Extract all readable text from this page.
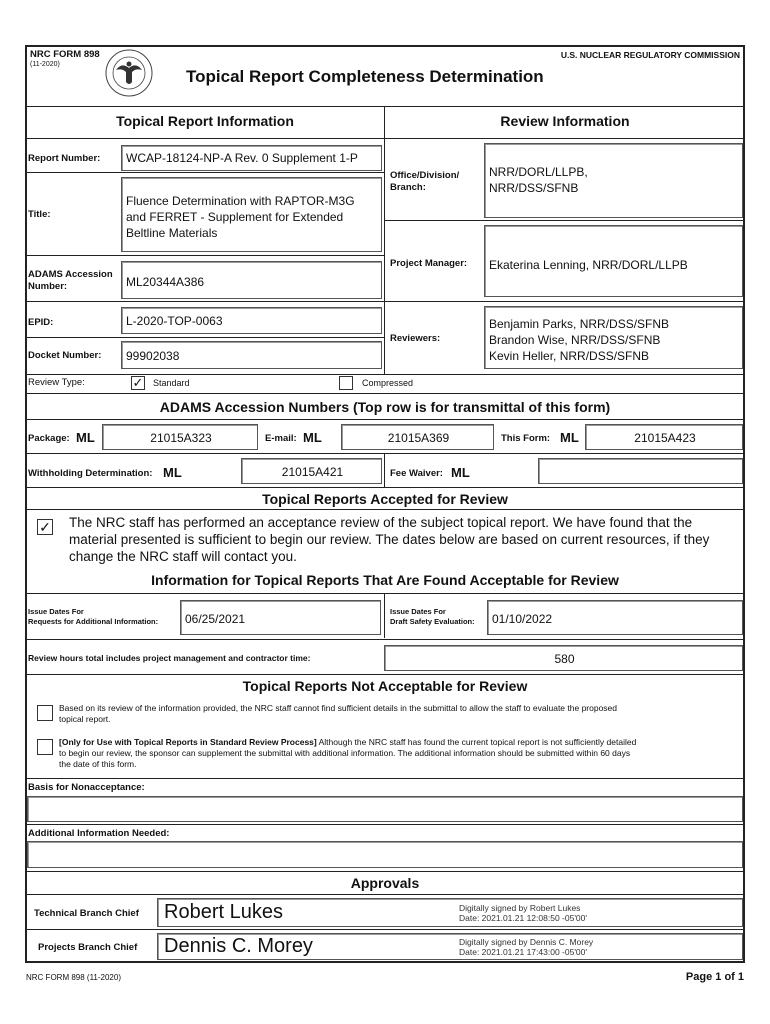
NRC FORM 898
(11-2020)
U.S. NUCLEAR REGULATORY COMMISSION
Topical Report Completeness Determination
Topical Report Information	Review Information
Report Number: WCAP-18124-NP-A Rev. 0 Supplement 1-P
Title:
Fluence Determination with RAPTOR-M3G
and FERRET - Supplement for Extended
Beltline Materials
ADAMS Accession
Number:	ML20344A386
EPID:	L-2020-TOP-0063
Docket Number: 99902038
Office/Division/
Branch:
NRR/DORL/LLPB,
NRR/DSS/SFNB
Project Manager: Ekaterina Lenning, NRR/DORL/LLPB
Reviewers:
Benjamin Parks, NRR/DSS/SFNB
Brandon Wise, NRR/DSS/SFNB
Kevin Heller, NRR/DSS/SFNB
Review Type:	✓ Standard	Compressed
ADAMS Accession Numbers (Top row is for transmittal of this form)
Package: ML	21015A323	E-mail: ML	21015A369	This Form: ML	21015A423
Withholding Determination: ML	21015A421	Fee Waiver: ML
Topical Reports Accepted for Review
✓ The NRC staff has performed an acceptance review of the subject topical report. We have found that the
material presented is sufficient to begin our review. The dates below are based on current resources, if they
change the NRC staff will contact you.
Information for Topical Reports That Are Found Acceptable for Review
Issue Dates For
Requests for Additional Information: 06/25/2021
Issue Dates For
Draft Safety Evaluation: 01/10/2022
Review hours total includes project management and contractor time:	580
Topical Reports Not Acceptable for Review
Based on its review of the information provided, the NRC staff cannot find sufficient details in the submittal to allow the staff to evaluate the proposed
topical report.
[Only for Use with Topical Reports in Standard Review Process] Although the NRC staff has found the current topical report is not sufficiently detailed
to begin our review, the sponsor can supplement the submittal with additional information. The additional information should be submitted within 60 days
the date of this form.
Basis for Nonacceptance:
Additional Information Needed:
Approvals
Technical Branch Chief Robert Lukes	Digitally signed by Robert Lukes
Date: 2021.01.21 12:08:50 -05'00'
Projects Branch Chief Dennis C. Morey	Digitally signed by Dennis C. Morey
Date: 2021.01.21 17:43:00 -05'00'
NRC FORM 898 (11-2020)	Page 1 of 1
